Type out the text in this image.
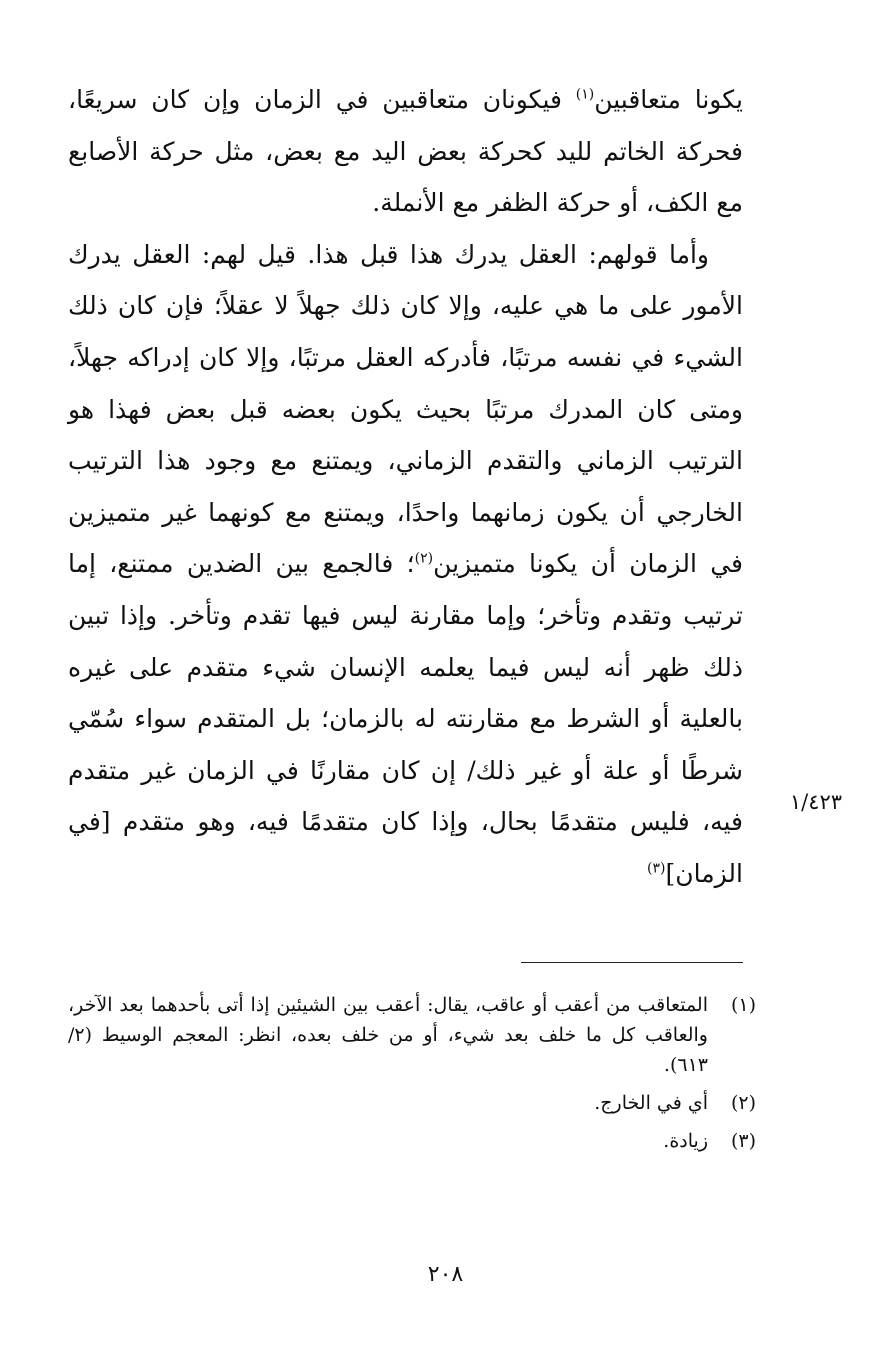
يكونا متعاقبين$^{(١)}$ فيكونان متعاقبين في الزمان وإن كان سريعًا، فحركة الخاتم لليد كحركة بعض اليد مع بعض، مثل حركة الأصابع مع الكف، أو حركة الظفر مع الأنملة.

وأما قولهم: العقل يدرك هذا قبل هذا. قيل لهم: العقل يدرك الأمور على ما هي عليه، وإلا كان ذلك جهلاً لا عقلاً؛ فإن كان ذلك الشيء في نفسه مرتبًا، فأدركه العقل مرتبًا، وإلا كان إدراكه جهلاً، ومتى كان المدرك مرتبًا بحيث يكون بعضه قبل بعض فهذا هو الترتيب الزماني والتقدم الزماني، ويمتنع مع وجود هذا الترتيب الخارجي أن يكون زمانهما واحدًا، ويمتنع مع كونهما غير متميزين في الزمان أن يكونا متميزين$^{(٢)}$؛ فالجمع بين الضدين ممتنع، إما ترتيب وتقدم وتأخر؛ وإما مقارنة ليس فيها تقدم وتأخر. وإذا تبين ذلك ظهر أنه ليس فيما يعلمه الإنسان شيء متقدم على غيره بالعلية أو الشرط مع مقارنته له بالزمان؛ بل المتقدم سواء سُمّي شرطًا أو علة أو غير ذلك/ إن كان مقارنًا في الزمان غير متقدم فيه، فليس متقدمًا بحال، وإذا كان متقدمًا فيه، وهو متقدم [في الزمان]$^{(٣)}$

١/٤٢٣
(١)
المتعاقب من أعقب أو عاقب، يقال: أعقب بين الشيئين إذا أتى بأحدهما بعد الآخر، والعاقب كل ما خلف بعد شيء، أو من خلف بعده، انظر: المعجم الوسيط (٢/ ٦١٣).
(٢)
أي في الخارج.
(٣)
زيادة.
٢٠٨
